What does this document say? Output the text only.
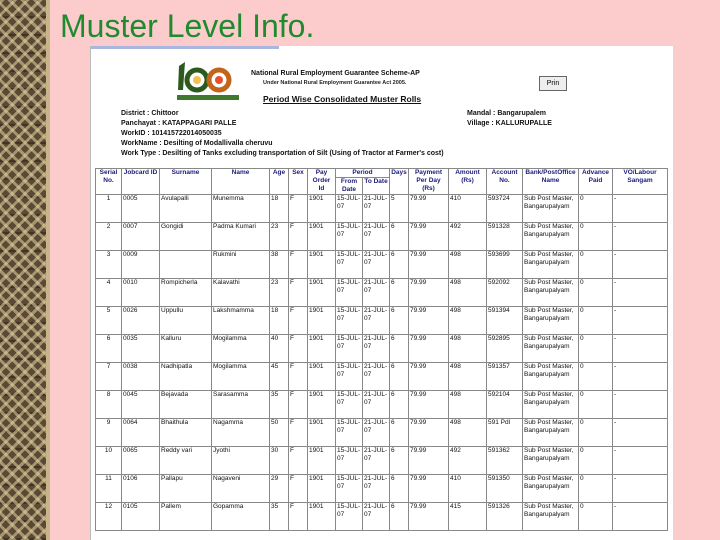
Muster Level Info.
National Rural Employment Guarantee Scheme-AP
Under National Rural Employment Guarantee Act 2005.	Prin
Period Wise Consolidated Muster Rolls
District : Chittoor
Panchayat : KATAPPAGARI PALLE
WorkID : 101415722014050035
WorkName : Desilting of Modallivalla cheruvu
Work Type : Desilting of Tanks excluding transportation of Silt (Using of Tractor at Farmer's cost)
Mandal : Bangarupalem
Village : KALLURUPALLE
Serial No.	Jobcard ID	Surname	Name	Age	Sex	Pay Order Id	Period		Days	Payment Per Day (Rs)	Amount (Rs)	Account No.	Bank/PostOffice Name	Advance Paid	VO/Labour Sangam
							From Date	To Date							
1	0005	Avulapalli	Munemma	18	F	1901	15-JUL-07	21-JUL-07	5	79.99	410	593724	Sub Post Master, Bangarupalyam	0	-
2	0007	Gongidi	Padma Kumari	23	F	1901	15-JUL-07	21-JUL-07	6	79.99	492	591328	Sub Post Master, Bangarupalyam	0	-
3	0009		Rukmini	38	F	1901	15-JUL-07	21-JUL-07	6	79.99	498	593699	Sub Post Master, Bangarupalyam	0	-
4	0010	Rompicherla	Kalavathi	23	F	1901	15-JUL-07	21-JUL-07	6	79.99	498	592092	Sub Post Master, Bangarupalyam	0	-
5	0026	Uppullu	Lakshmamma	18	F	1901	15-JUL-07	21-JUL-07	6	79.99	498	591394	Sub Post Master, Bangarupalyam	0	-
6	0035	Kalluru	Mogilamma	40	F	1901	15-JUL-07	21-JUL-07	6	79.99	498	592895	Sub Post Master, Bangarupalyam	0	-
7	0038	Nadhipatla	Mogilamma	45	F	1901	15-JUL-07	21-JUL-07	6	79.99	498	591357	Sub Post Master, Bangarupalyam	0	-
8	0045	Bejavada	Sarasamma	35	F	1901	15-JUL-07	21-JUL-07	6	79.99	498	592104	Sub Post Master, Bangarupalyam	0	-
9	0064	Bhaithula	Nagamma	50	F	1901	15-JUL-07	21-JUL-07	6	79.99	498	591 Pdl	Sub Post Master, Bangarupalyam	0	-
10	0065	Reddy vari	Jyothi	30	F	1901	15-JUL-07	21-JUL-07	6	79.99	492	591362	Sub Post Master, Bangarupalyam	0	-
11	0106	Pallapu	Nagaveni	29	F	1901	15-JUL-07	21-JUL-07	6	79.99	410	591350	Sub Post Master, Bangarupalyam	0	-
12	0105	Pallem	Gopamma	35	F	1901	15-JUL-07	21-JUL-07	6	79.99	415	591326	Sub Post Master, Bangarupalyam	0	-
